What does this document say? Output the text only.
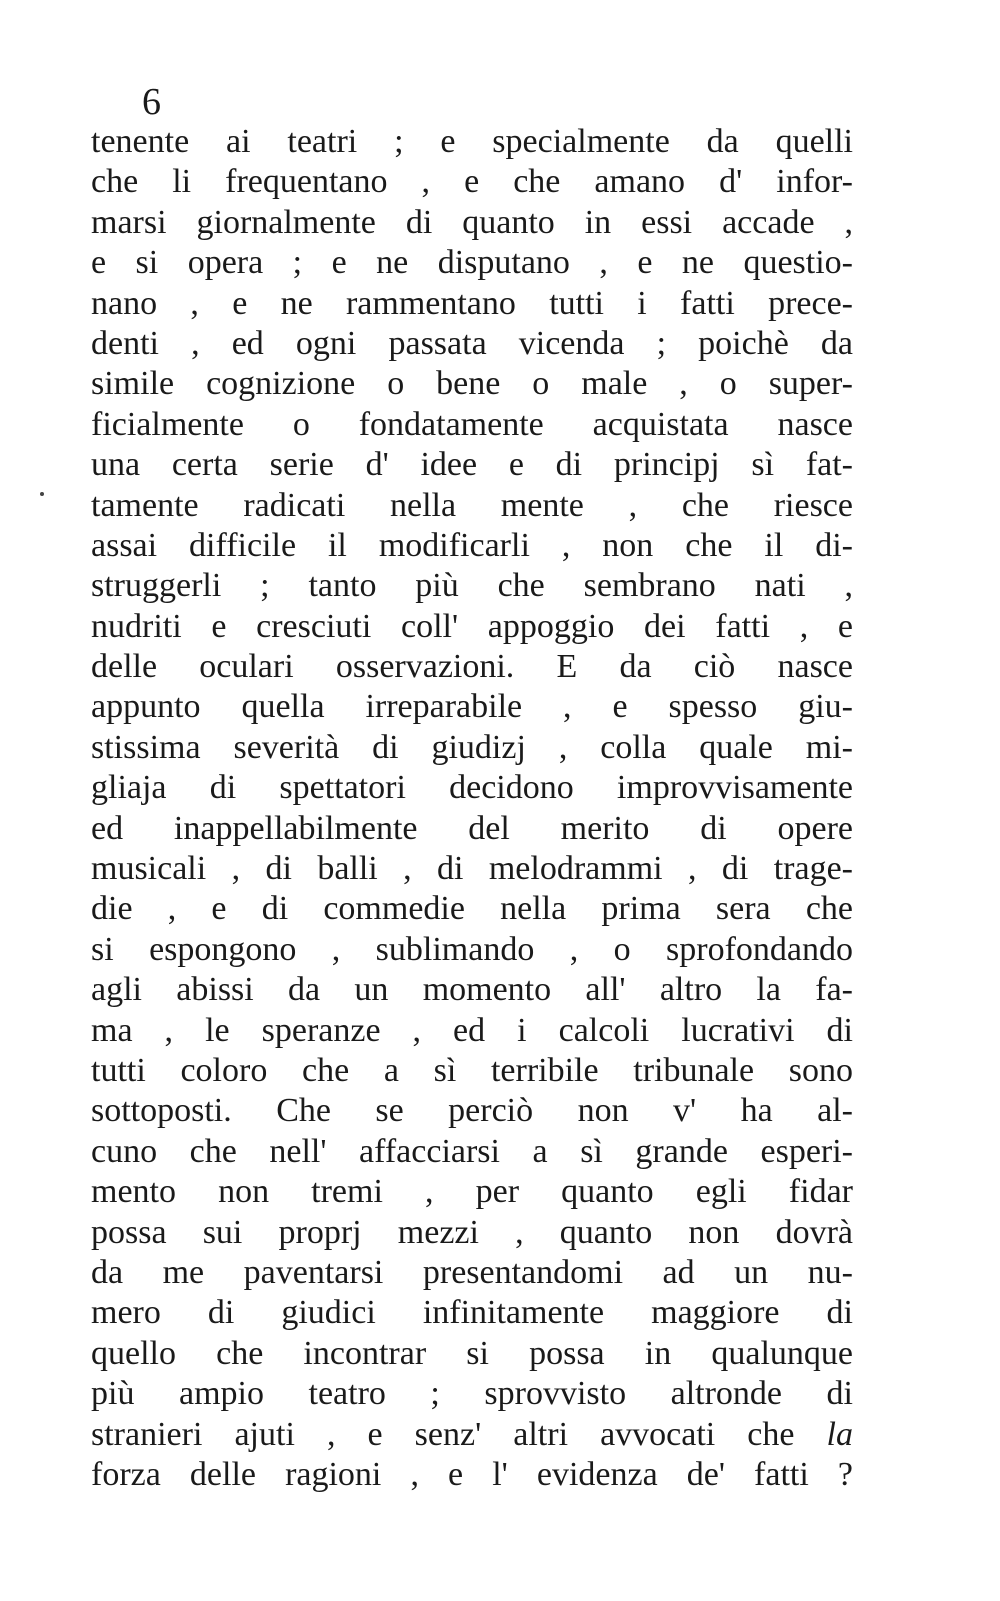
6
tenente ai teatri ; e specialmente da quelli
che li frequentano , e che amano d' infor-
marsi giornalmente di quanto in essi accade ,
e si opera ; e ne disputano , e ne questio-
nano , e ne rammentano tutti i fatti prece-
denti , ed ogni passata vicenda ; poichè da
simile cognizione o bene o male , o super-
ficialmente o fondatamente acquistata nasce
una certa serie d' idee e di principj sì fat-
tamente radicati nella mente , che riesce
assai difficile il modificarli , non che il di-
struggerli ; tanto più che sembrano nati ,
nudriti e cresciuti coll' appoggio dei fatti , e
delle oculari osservazioni. E da ciò nasce
appunto quella irreparabile , e spesso giu-
stissima severità di giudizj , colla quale mi-
gliaja di spettatori decidono improvvisamente
ed inappellabilmente del merito di opere
musicali , di balli , di melodrammi , di trage-
die , e di commedie nella prima sera che
si espongono , sublimando , o sprofondando
agli abissi da un momento all' altro la fa-
ma , le speranze , ed i calcoli lucrativi di
tutti coloro che a sì terribile tribunale sono
sottoposti. Che se perciò non v' ha al-
cuno che nell' affacciarsi a sì grande esperi-
mento non tremi , per quanto egli fidar
possa sui proprj mezzi , quanto non dovrà
da me paventarsi presentandomi ad un nu-
mero di giudici infinitamente maggiore di
quello che incontrar si possa in qualunque
più ampio teatro ; sprovvisto altronde di
stranieri ajuti , e senz' altri avvocati che la
forza delle ragioni , e l' evidenza de' fatti ?
